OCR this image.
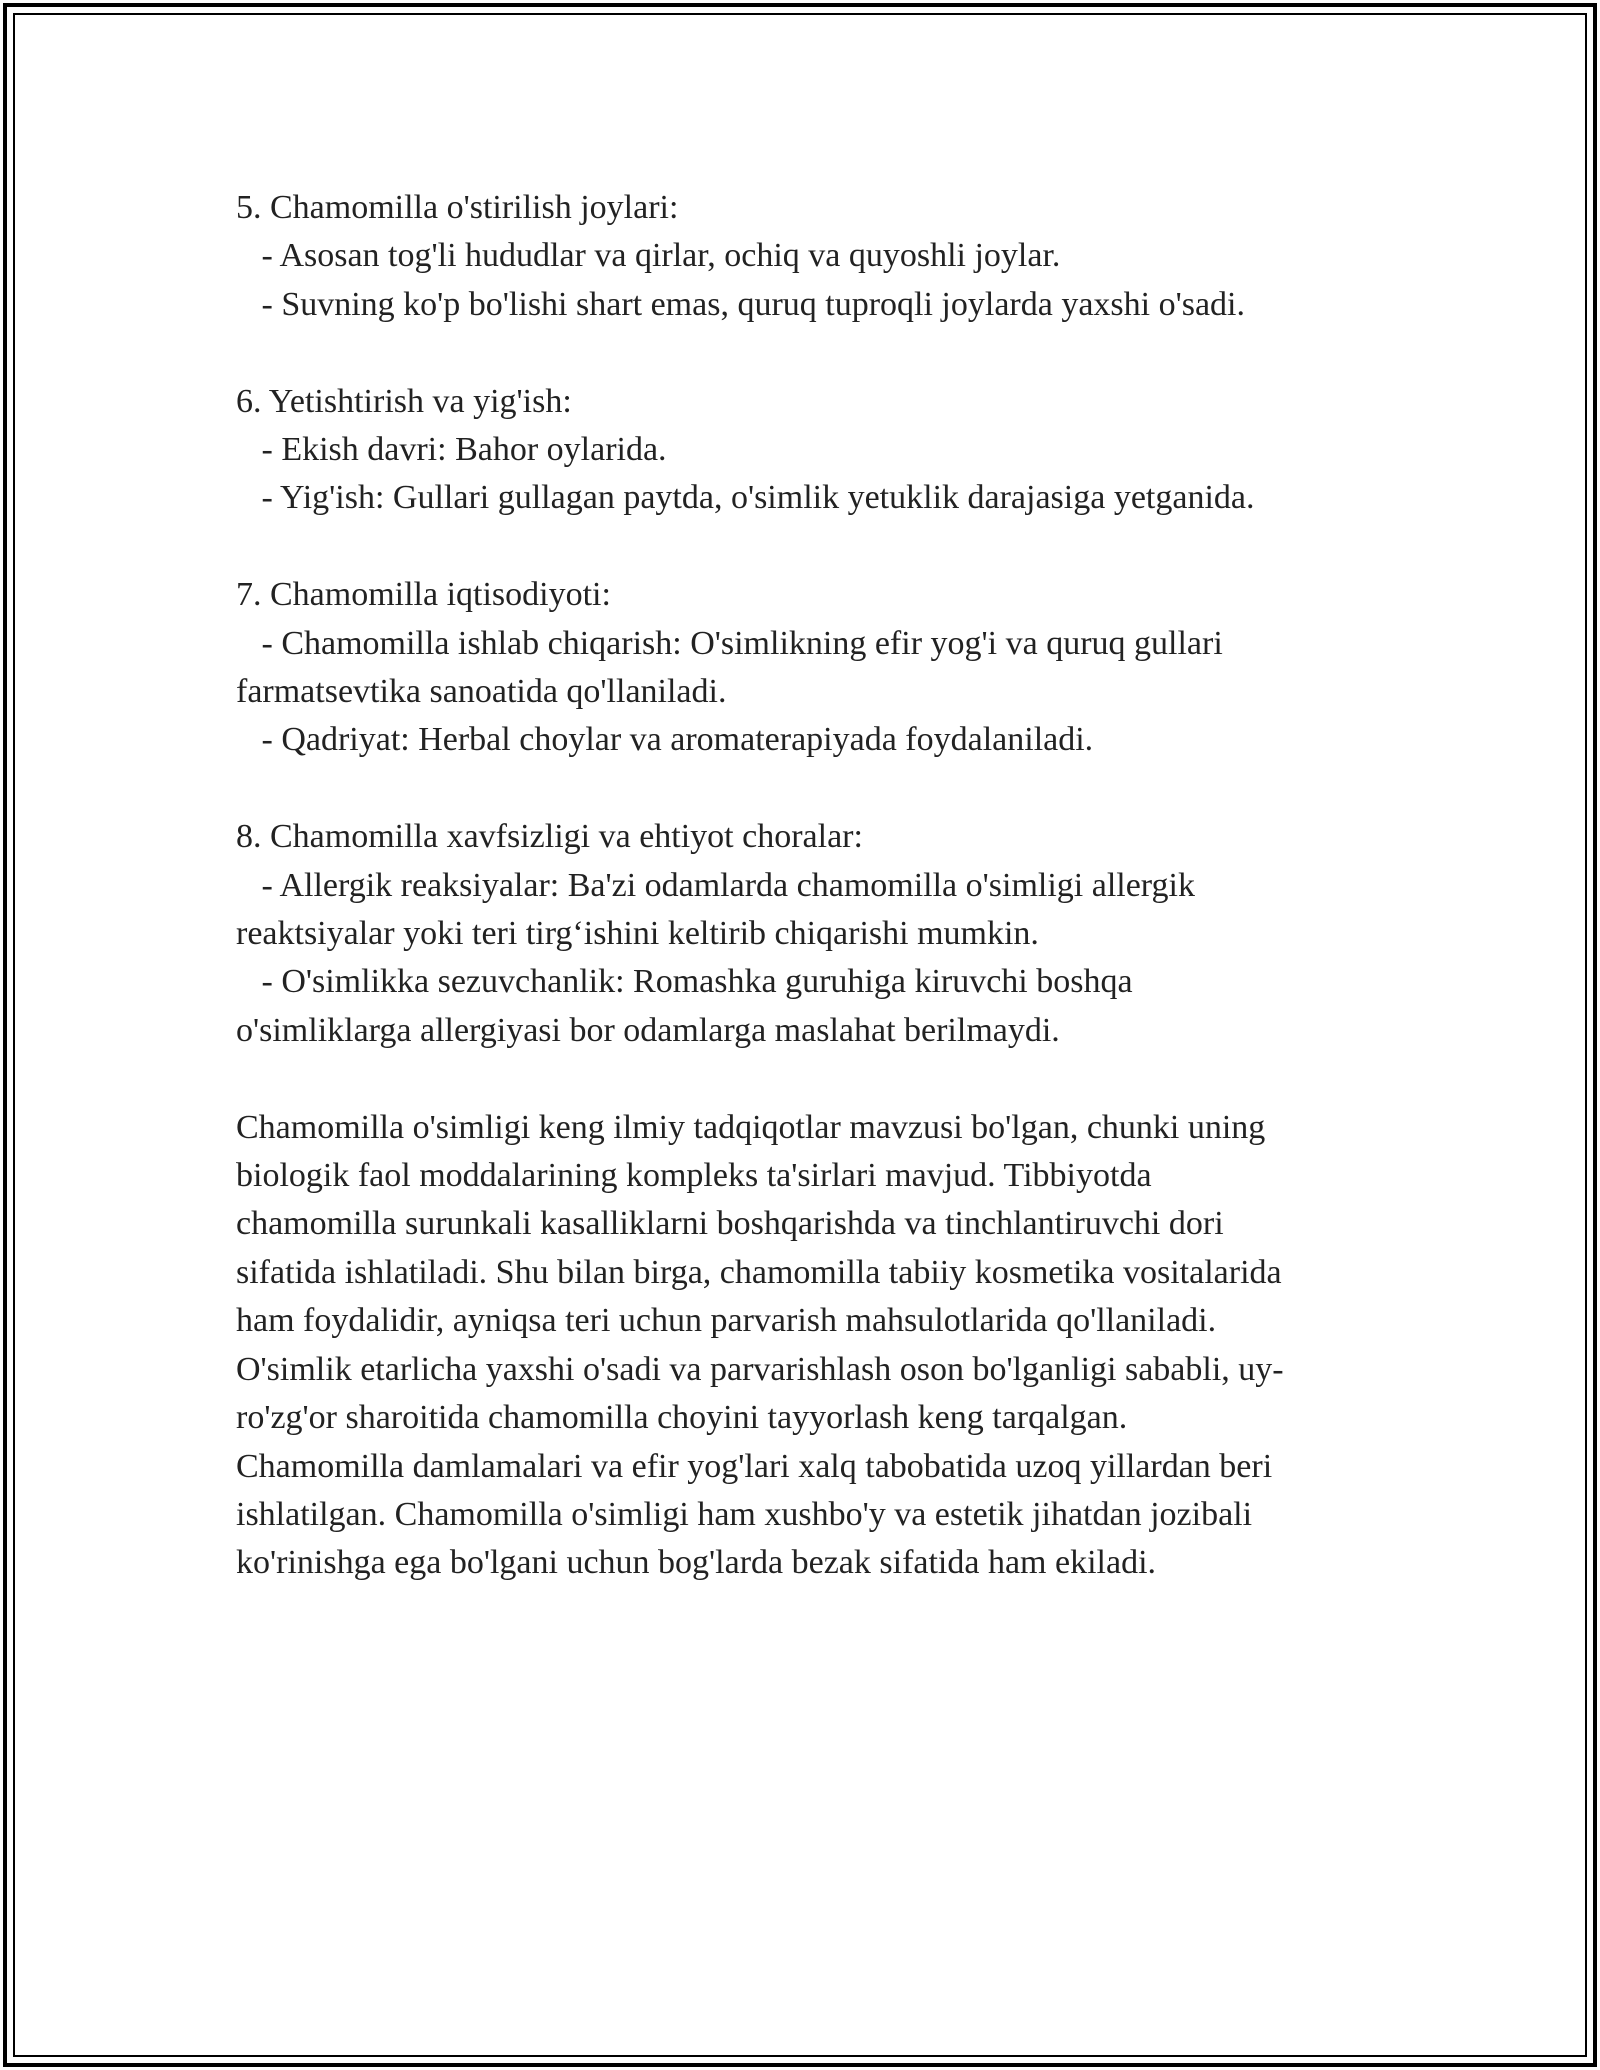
5. Chamomilla o'stirilish joylari:
- Asosan tog'li hududlar va qirlar, ochiq va quyoshli joylar.
- Suvning ko'p bo'lishi shart emas, quruq tuproqli joylarda yaxshi o'sadi.
6. Yetishtirish va yig'ish:
- Ekish davri: Bahor oylarida.
- Yig'ish: Gullari gullagan paytda, o'simlik yetuklik darajasiga yetganida.
7. Chamomilla iqtisodiyoti:
- Chamomilla ishlab chiqarish: O'simlikning efir yog'i va quruq gullari
farmatsevtika sanoatida qo'llaniladi.
- Qadriyat: Herbal choylar va aromaterapiyada foydalaniladi.
8. Chamomilla xavfsizligi va ehtiyot choralar:
- Allergik reaksiyalar: Ba'zi odamlarda chamomilla o'simligi allergik
reaktsiyalar yoki teri tirg‘ishini keltirib chiqarishi mumkin.
- O'simlikka sezuvchanlik: Romashka guruhiga kiruvchi boshqa
o'simliklarga allergiyasi bor odamlarga maslahat berilmaydi.
Chamomilla o'simligi keng ilmiy tadqiqotlar mavzusi bo'lgan, chunki uning
biologik faol moddalarining kompleks ta'sirlari mavjud. Tibbiyotda
chamomilla surunkali kasalliklarni boshqarishda va tinchlantiruvchi dori
sifatida ishlatiladi. Shu bilan birga, chamomilla tabiiy kosmetika vositalarida
ham foydalidir, ayniqsa teri uchun parvarish mahsulotlarida qo'llaniladi.
O'simlik etarlicha yaxshi o'sadi va parvarishlash oson bo'lganligi sababli, uy-
ro'zg'or sharoitida chamomilla choyini tayyorlash keng tarqalgan.
Chamomilla damlamalari va efir yog'lari xalq tabobatida uzoq yillardan beri
ishlatilgan. Chamomilla o'simligi ham xushbo'y va estetik jihatdan jozibali
ko'rinishga ega bo'lgani uchun bog'larda bezak sifatida ham ekiladi.
